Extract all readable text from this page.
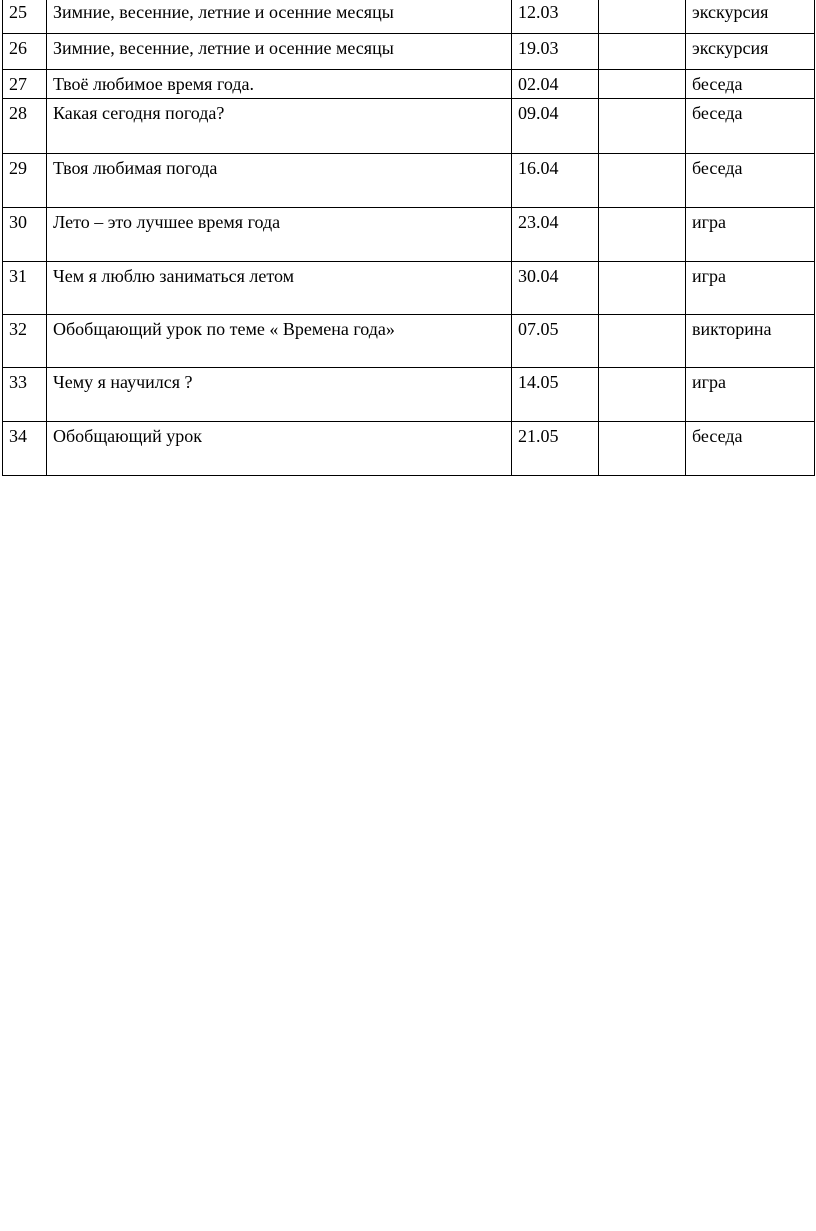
25	Зимние, весенние, летние и осенние месяцы	12.03		экскурсия
26	Зимние, весенние, летние и осенние месяцы	19.03		экскурсия
27	Твоё любимое время года.	02.04		беседа
28	Какая сегодня погода?	09.04		беседа
29	Твоя любимая погода	16.04		беседа
30	Лето – это лучшее время года	23.04		игра
31	Чем я люблю заниматься летом	30.04		игра
32	Обобщающий урок по теме « Времена года»	07.05		викторина
33	Чему я научился ?	14.05		игра
34	Обобщающий урок	21.05		беседа
